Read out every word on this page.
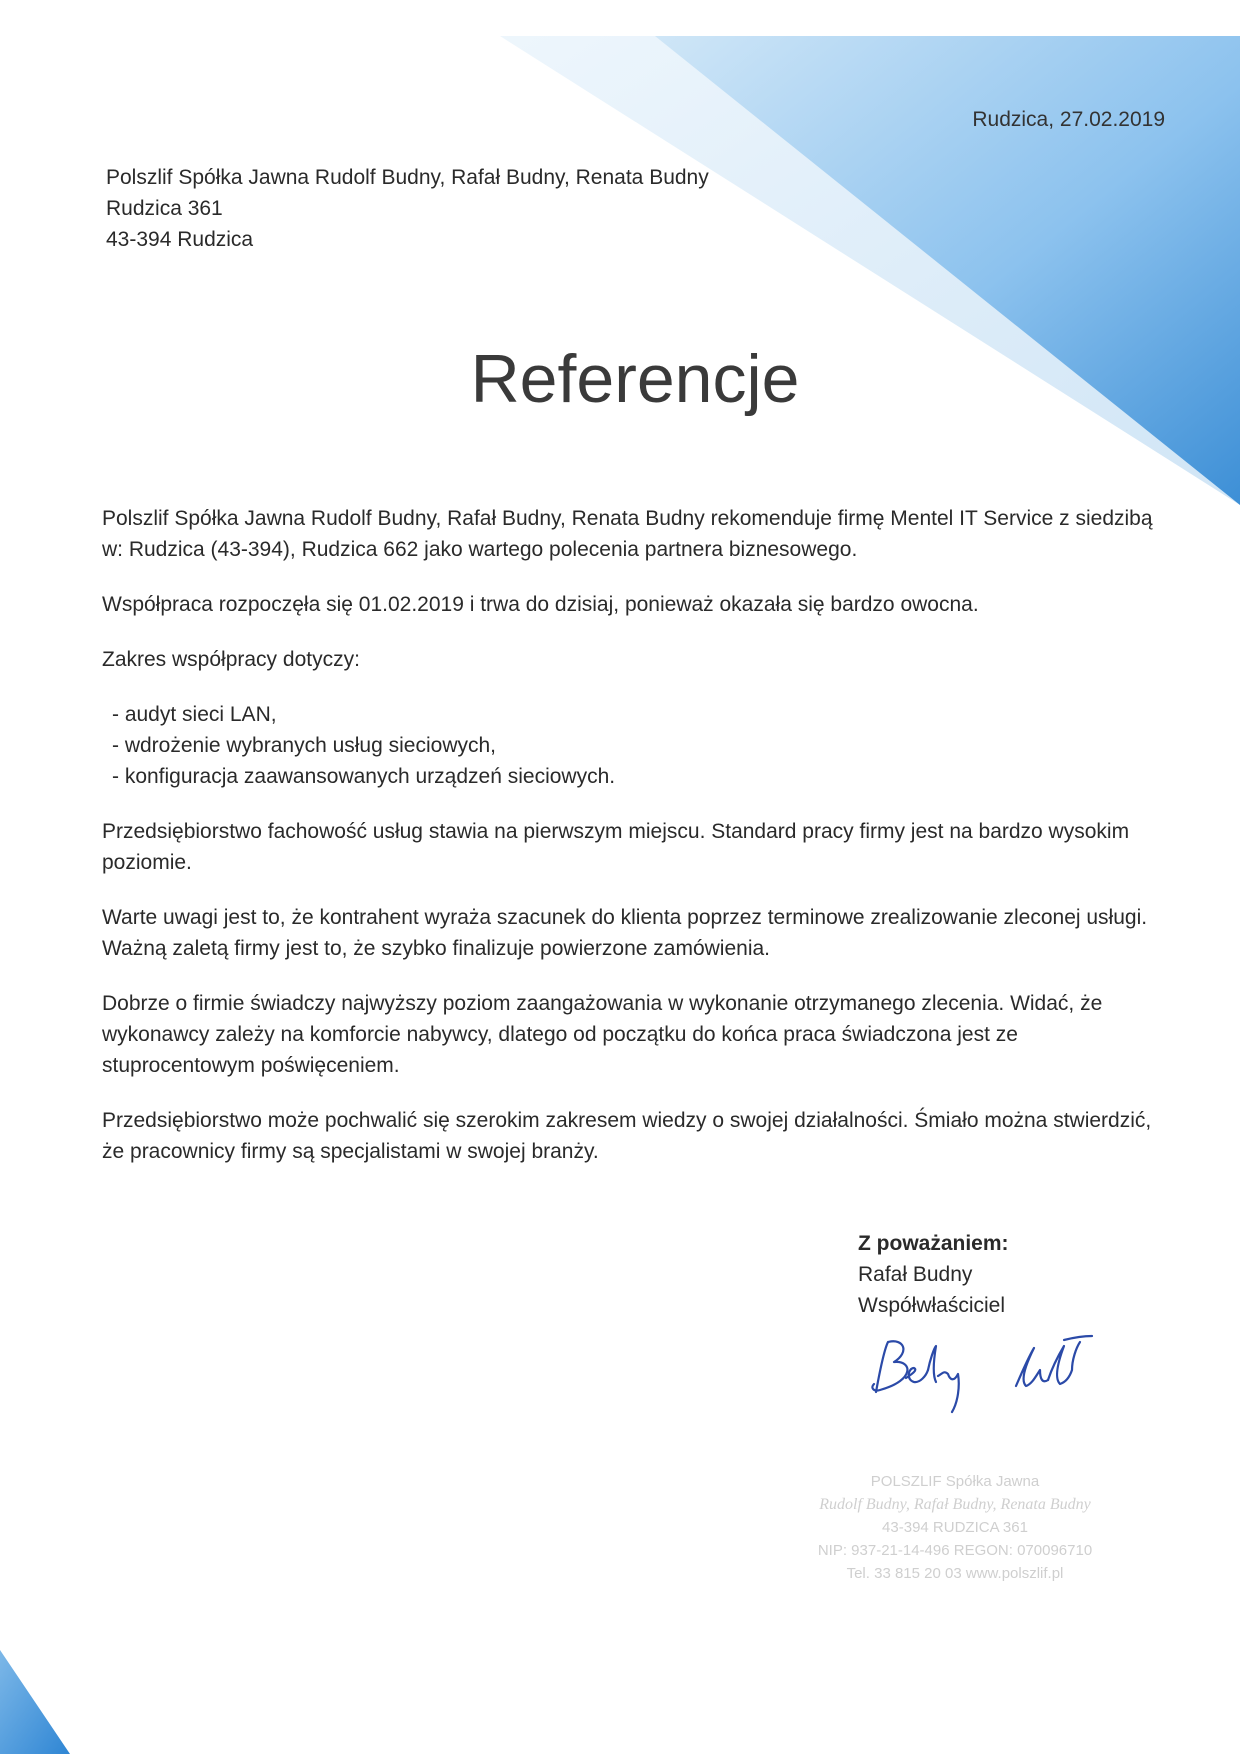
Rudzica, 27.02.2019
Polszlif Spółka Jawna Rudolf Budny, Rafał Budny, Renata Budny
Rudzica 361
43-394 Rudzica
Referencje

Polszlif Spółka Jawna Rudolf Budny, Rafał Budny, Renata Budny rekomenduje firmę Mentel IT Service z siedzibą w: Rudzica (43-394), Rudzica 662 jako wartego polecenia partnera biznesowego.

Współpraca rozpoczęła się 01.02.2019 i trwa do dzisiaj, ponieważ okazała się bardzo owocna.

Zakres współpracy dotyczy:

- audyt sieci LAN,
- wdrożenie wybranych usług sieciowych,
- konfiguracja zaawansowanych urządzeń sieciowych.

Przedsiębiorstwo fachowość usług stawia na pierwszym miejscu. Standard pracy firmy jest na bardzo wysokim poziomie.

Warte uwagi jest to, że kontrahent wyraża szacunek do klienta poprzez terminowe zrealizowanie zleconej usługi. Ważną zaletą firmy jest to, że szybko finalizuje powierzone zamówienia.

Dobrze o firmie świadczy najwyższy poziom zaangażowania w wykonanie otrzymanego zlecenia. Widać, że wykonawcy zależy na komforcie nabywcy, dlatego od początku do końca praca świadczona jest ze stuprocentowym poświęceniem.

Przedsiębiorstwo może pochwalić się szerokim zakresem wiedzy o swojej działalności. Śmiało można stwierdzić, że pracownicy firmy są specjalistami w swojej branży.

Z poważaniem:
Rafał Budny
Współwłaściciel
POLSZLIF Spółka Jawna
Rudolf Budny, Rafał Budny, Renata Budny
43-394 RUDZICA 361
NIP: 937-21-14-496 REGON: 070096710
Tel. 33 815 20 03 www.polszlif.pl
